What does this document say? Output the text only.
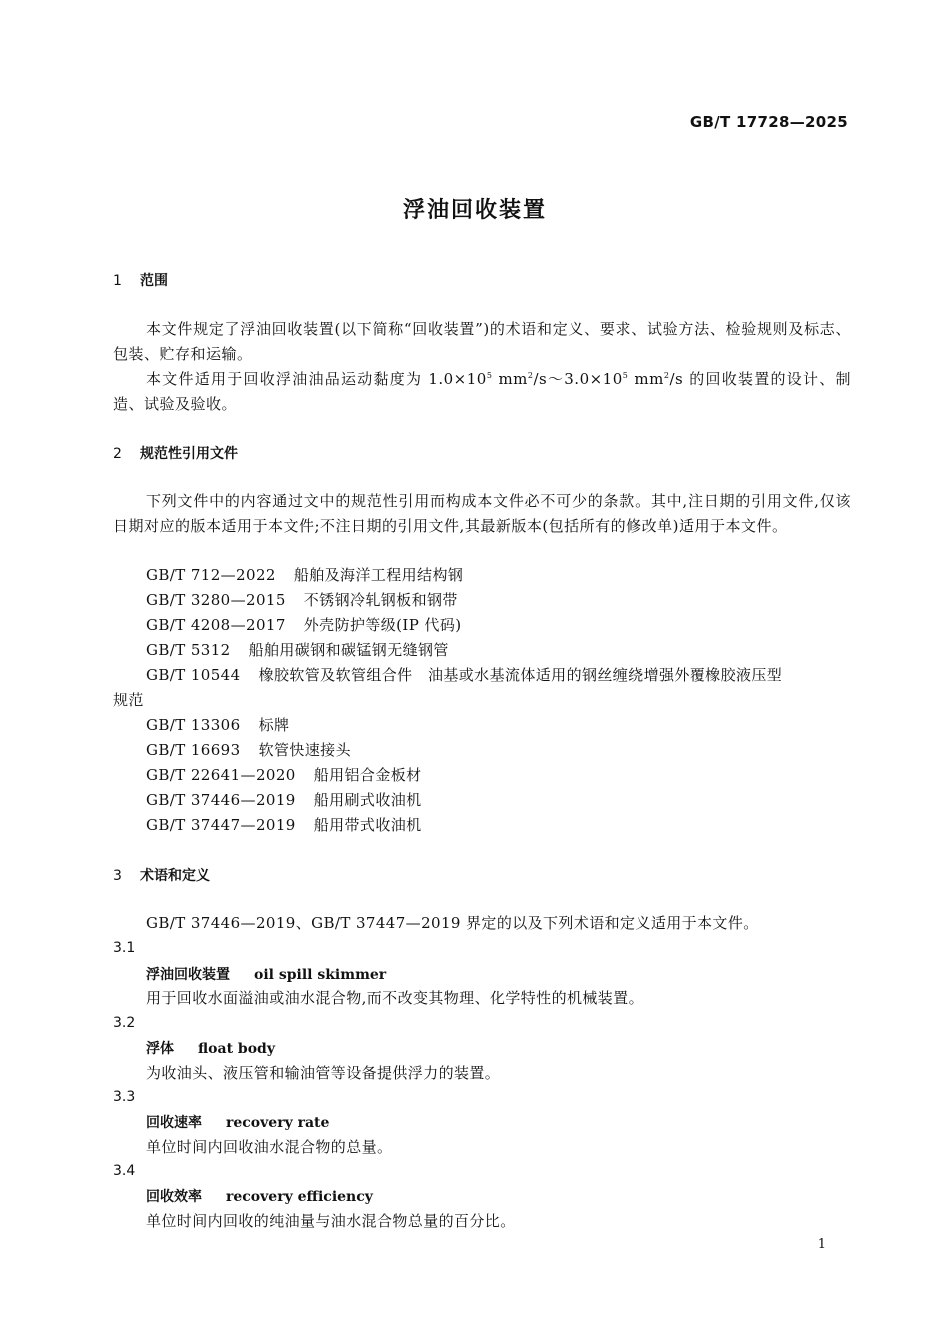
GB/T 17728—2025
浮油回收装置
1 范围
本文件规定了浮油回收装置(以下简称“回收装置”)的术语和定义、要求、试验方法、检验规则及标志、包装、贮存和运输。
本文件适用于回收浮油油品运动黏度为 $1.0\times 10^5$ $mm^2/s\sim 3.0\times 10^5$ $mm^2/s$ 的回收装置的设计、制造、试验及验收。
2 规范性引用文件
下列文件中的内容通过文中的规范性引用而构成本文件必不可少的条款。其中,注日期的引用文件,仅该日期对应的版本适用于本文件;不注日期的引用文件,其最新版本(包括所有的修改单)适用于本文件。
GB/T 712—2022 船舶及海洋工程用结构钢
GB/T 3280—2015 不锈钢冷轧钢板和钢带
GB/T 4208—2017 外壳防护等级(IP 代码)
GB/T 5312 船舶用碳钢和碳锰钢无缝钢管
GB/T 10544 橡胶软管及软管组合件　油基或水基流体适用的钢丝缠绕增强外覆橡胶液压型
规范
GB/T 13306 标牌
GB/T 16693 软管快速接头
GB/T 22641—2020 船用铝合金板材
GB/T 37446—2019 船用刷式收油机
GB/T 37447—2019 船用带式收油机
3 术语和定义
GB/T 37446—2019、GB/T 37447—2019 界定的以及下列术语和定义适用于本文件。
3.1
浮油回收装置 oil spill skimmer
用于回收水面溢油或油水混合物,而不改变其物理、化学特性的机械装置。
3.2
浮体 float body
为收油头、液压管和输油管等设备提供浮力的装置。
3.3
回收速率 recovery rate
单位时间内回收油水混合物的总量。
3.4
回收效率 recovery efficiency
单位时间内回收的纯油量与油水混合物总量的百分比。
1
